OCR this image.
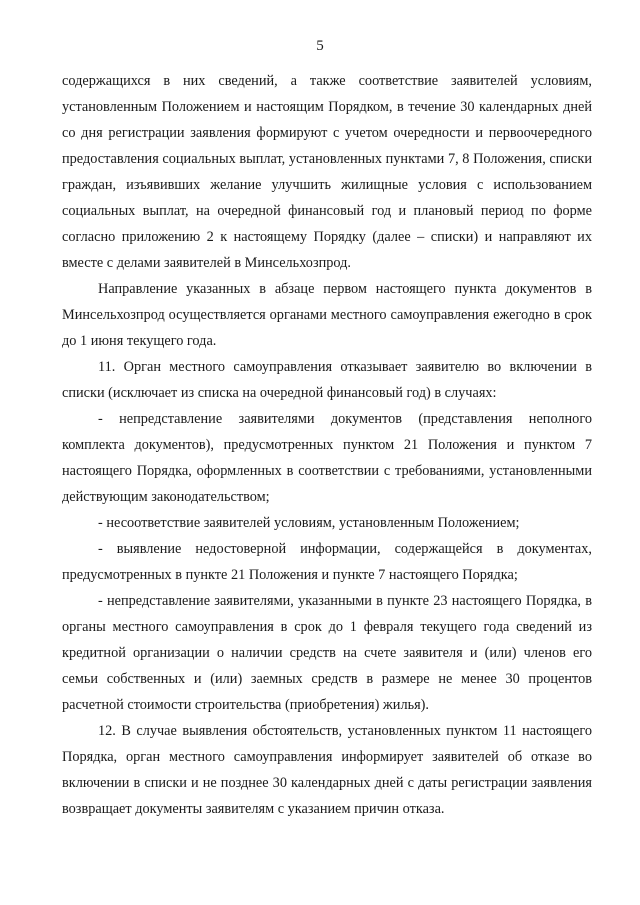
5

содержащихся в них сведений, а также соответствие заявителей условиям, установленным Положением и настоящим Порядком, в течение 30 календарных дней со дня регистрации заявления формируют с учетом очередности и первоочередного предоставления социальных выплат, установленных пунктами 7, 8 Положения, списки граждан, изъявивших желание улучшить жилищные условия с использованием социальных выплат, на очередной финансовый год и плановый период по форме согласно приложению 2 к настоящему Порядку (далее – списки) и направляют их вместе с делами заявителей в Минсельхозпрод.

Направление указанных в абзаце первом настоящего пункта документов в Минсельхозпрод осуществляется органами местного самоуправления ежегодно в срок до 1 июня текущего года.

11. Орган местного самоуправления отказывает заявителю во включении в списки (исключает из списка на очередной финансовый год) в случаях:

- непредставление заявителями документов (представления неполного комплекта документов), предусмотренных пунктом 21 Положения и пунктом 7 настоящего Порядка, оформленных в соответствии с требованиями, установленными действующим законодательством;

- несоответствие заявителей условиям, установленным Положением;

- выявление недостоверной информации, содержащейся в документах, предусмотренных в пункте 21 Положения и пункте 7 настоящего Порядка;

- непредставление заявителями, указанными в пункте 23 настоящего Порядка, в органы местного самоуправления в срок до 1 февраля текущего года сведений из кредитной организации о наличии средств на счете заявителя и (или) членов его семьи собственных и (или) заемных средств в размере не менее 30 процентов расчетной стоимости строительства (приобретения) жилья).

12. В случае выявления обстоятельств, установленных пунктом 11 настоящего Порядка, орган местного самоуправления информирует заявителей об отказе во включении в списки и не позднее 30 календарных дней с даты регистрации заявления возвращает документы заявителям с указанием причин отказа.
